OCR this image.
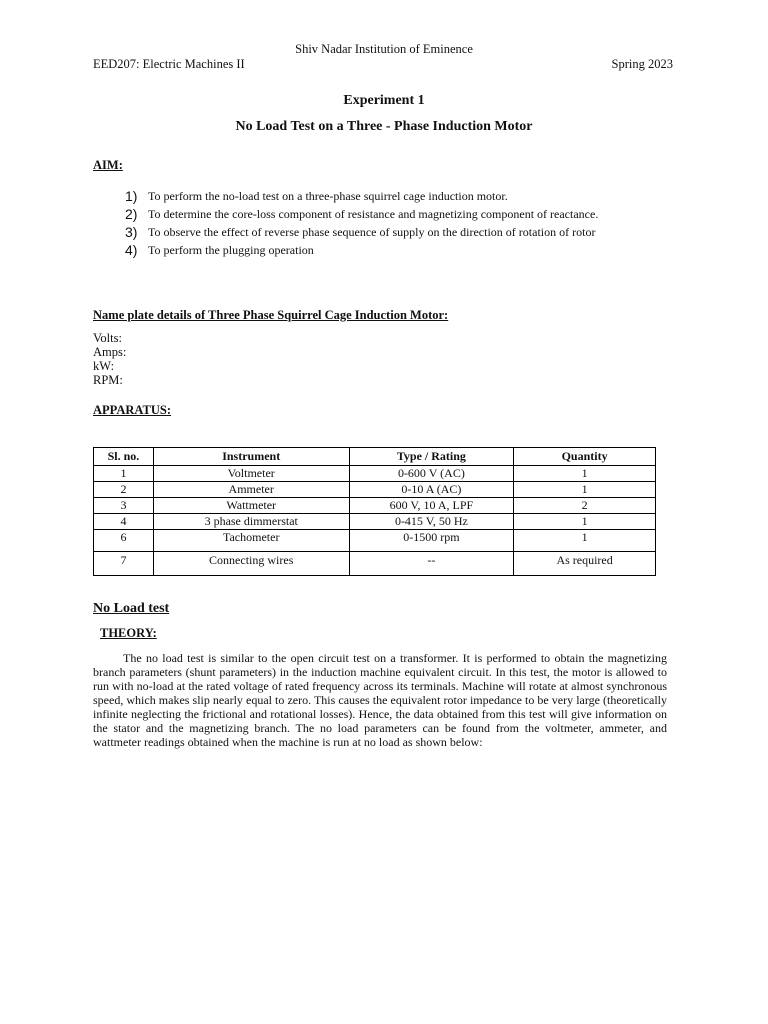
Shiv Nadar Institution of Eminence
EED207: Electric Machines II	Spring 2023
Experiment 1
No Load Test on a Three - Phase Induction Motor
AIM:
1) To perform the no-load test on a three-phase squirrel cage induction motor.
2) To determine the core-loss component of resistance and magnetizing component of reactance.
3) To observe the effect of reverse phase sequence of supply on the direction of rotation of rotor
4) To perform the plugging operation
Name plate details of Three Phase Squirrel Cage Induction Motor:
Volts:
Amps:
kW:
RPM:
APPARATUS:
Sl. no.	Instrument	Type / Rating	Quantity
1	Voltmeter	0-600 V (AC)	1
2	Ammeter	0-10 A (AC)	1
3	Wattmeter	600 V, 10 A, LPF	2
4	3 phase dimmerstat	0-415 V, 50 Hz	1
6	Tachometer	0-1500 rpm	1
7	Connecting wires	--	As required
No Load test
THEORY:

The no load test is similar to the open circuit test on a transformer. It is performed to obtain the magnetizing branch parameters (shunt parameters) in the induction machine equivalent circuit. In this test, the motor is allowed to run with no-load at the rated voltage of rated frequency across its terminals. Machine will rotate at almost synchronous speed, which makes slip nearly equal to zero. This causes the equivalent rotor impedance to be very large (theoretically infinite neglecting the frictional and rotational losses). Hence, the data obtained from this test will give information on the stator and the magnetizing branch. The no load parameters can be found from the voltmeter, ammeter, and wattmeter readings obtained when the machine is run at no load as shown below:
